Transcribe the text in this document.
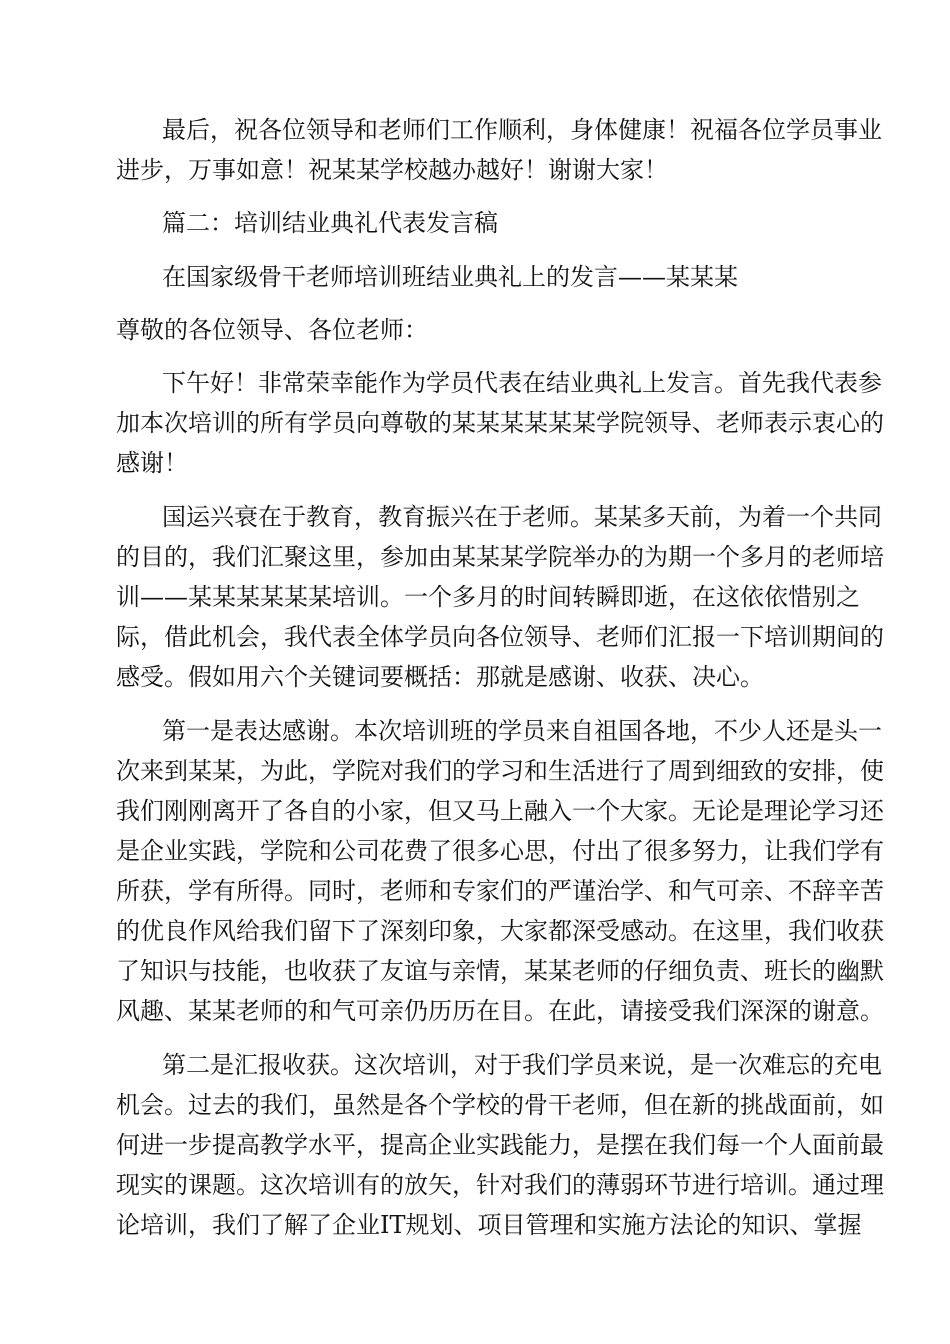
最后，祝各位领导和老师们工作顺利，身体健康！祝福各位学员事业
进步，万事如意！祝某某学校越办越好！谢谢大家！
篇二：培训结业典礼代表发言稿
在国家级骨干老师培训班结业典礼上的发言——某某某
尊敬的各位领导、各位老师：
下午好！非常荣幸能作为学员代表在结业典礼上发言。首先我代表参
加本次培训的所有学员向尊敬的某某某某某某学院领导、老师表示衷心的
感谢！
国运兴衰在于教育，教育振兴在于老师。某某多天前，为着一个共同
的目的，我们汇聚这里，参加由某某某学院举办的为期一个多月的老师培
训——某某某某某某培训。一个多月的时间转瞬即逝，在这依依惜别之
际，借此机会，我代表全体学员向各位领导、老师们汇报一下培训期间的
感受。假如用六个关键词要概括：那就是感谢、收获、决心。
第一是表达感谢。本次培训班的学员来自祖国各地，不少人还是头一
次来到某某，为此，学院对我们的学习和生活进行了周到细致的安排，使
我们刚刚离开了各自的小家，但又马上融入一个大家。无论是理论学习还
是企业实践，学院和公司花费了很多心思，付出了很多努力，让我们学有
所获，学有所得。同时，老师和专家们的严谨治学、和气可亲、不辞辛苦
的优良作风给我们留下了深刻印象，大家都深受感动。在这里，我们收获
了知识与技能，也收获了友谊与亲情，某某老师的仔细负责、班长的幽默
风趣、某某老师的和气可亲仍历历在目。在此，请接受我们深深的谢意。
第二是汇报收获。这次培训，对于我们学员来说，是一次难忘的充电
机会。过去的我们，虽然是各个学校的骨干老师，但在新的挑战面前，如
何进一步提高教学水平，提高企业实践能力，是摆在我们每一个人面前最
现实的课题。这次培训有的放矢，针对我们的薄弱环节进行培训。通过理
论培训，我们了解了企业IT规划、项目管理和实施方法论的知识、掌握
